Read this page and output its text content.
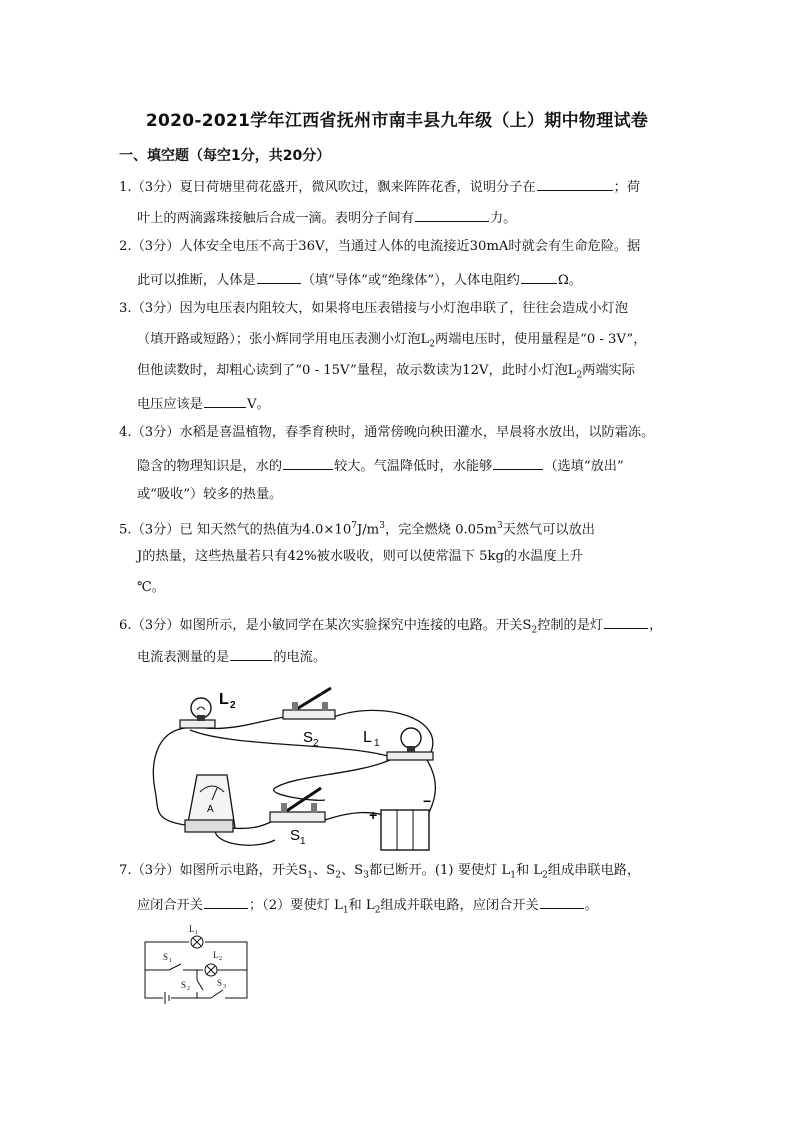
2020-2021学年江西省抚州市南丰县九年级（上）期中物理试卷
一、填空题（每空1分，共20分）
1.（3分）夏日荷塘里荷花盛开，微风吹过，飘来阵阵花香，说明分子在	；荷
叶上的两滴露珠接触后合成一滴。表明分子间有	力。
2.（3分）人体安全电压不高于36V，当通过人体的电流接近30mA时就会有生命危险。据
此可以推断，人体是	（填“导体”或“绝缘体”），人体电阻约	Ω。
3.（3分）因为电压表内阻较大，如果将电压表错接与小灯泡串联了，往往会造成小灯泡
（填开路或短路）；张小辉同学用电压表测小灯泡$L_2$两端电压时，使用量程是“0 - 3V”，
但他读数时，却粗心读到了“0 - 15V”量程，故示数读为12V，此时小灯泡$L_2$两端实际
电压应该是	V。
4.（3分）水稻是喜温植物，春季育秧时，通常傍晚向秧田灌水，早晨将水放出，以防霜冻。
隐含的物理知识是，水的	较大。气温降低时，水能够	（选填“放出”
或“吸收”）较多的热量。
5.（3分）已 知天然气的热值为$4.0\times 10^7J/m^3$，完全燃烧 $0.05m^3$天然气可以放出
J的热量，这些热量若只有42%被水吸收，则可以使常温下 5kg的水温度上升
℃。
6.（3分）如图所示，是小敏同学在某次实验探究中连接的电路。开关$S_2$控制的是灯	，
电流表测量的是	的电流。
L 2
S 2	L 1
A
S 1
+
−
7.（3分）如图所示电路，开关$S_1$、$S_2$、$S_3$都已断开。(1) 要使灯 $L_1$和 $L_2$组成串联电路，
应闭合开关	；（2）要使灯 $L_1$和 $L_2$组成并联电路，应闭合开关	。
L 1
L 2
S 1
S 2
S 3
